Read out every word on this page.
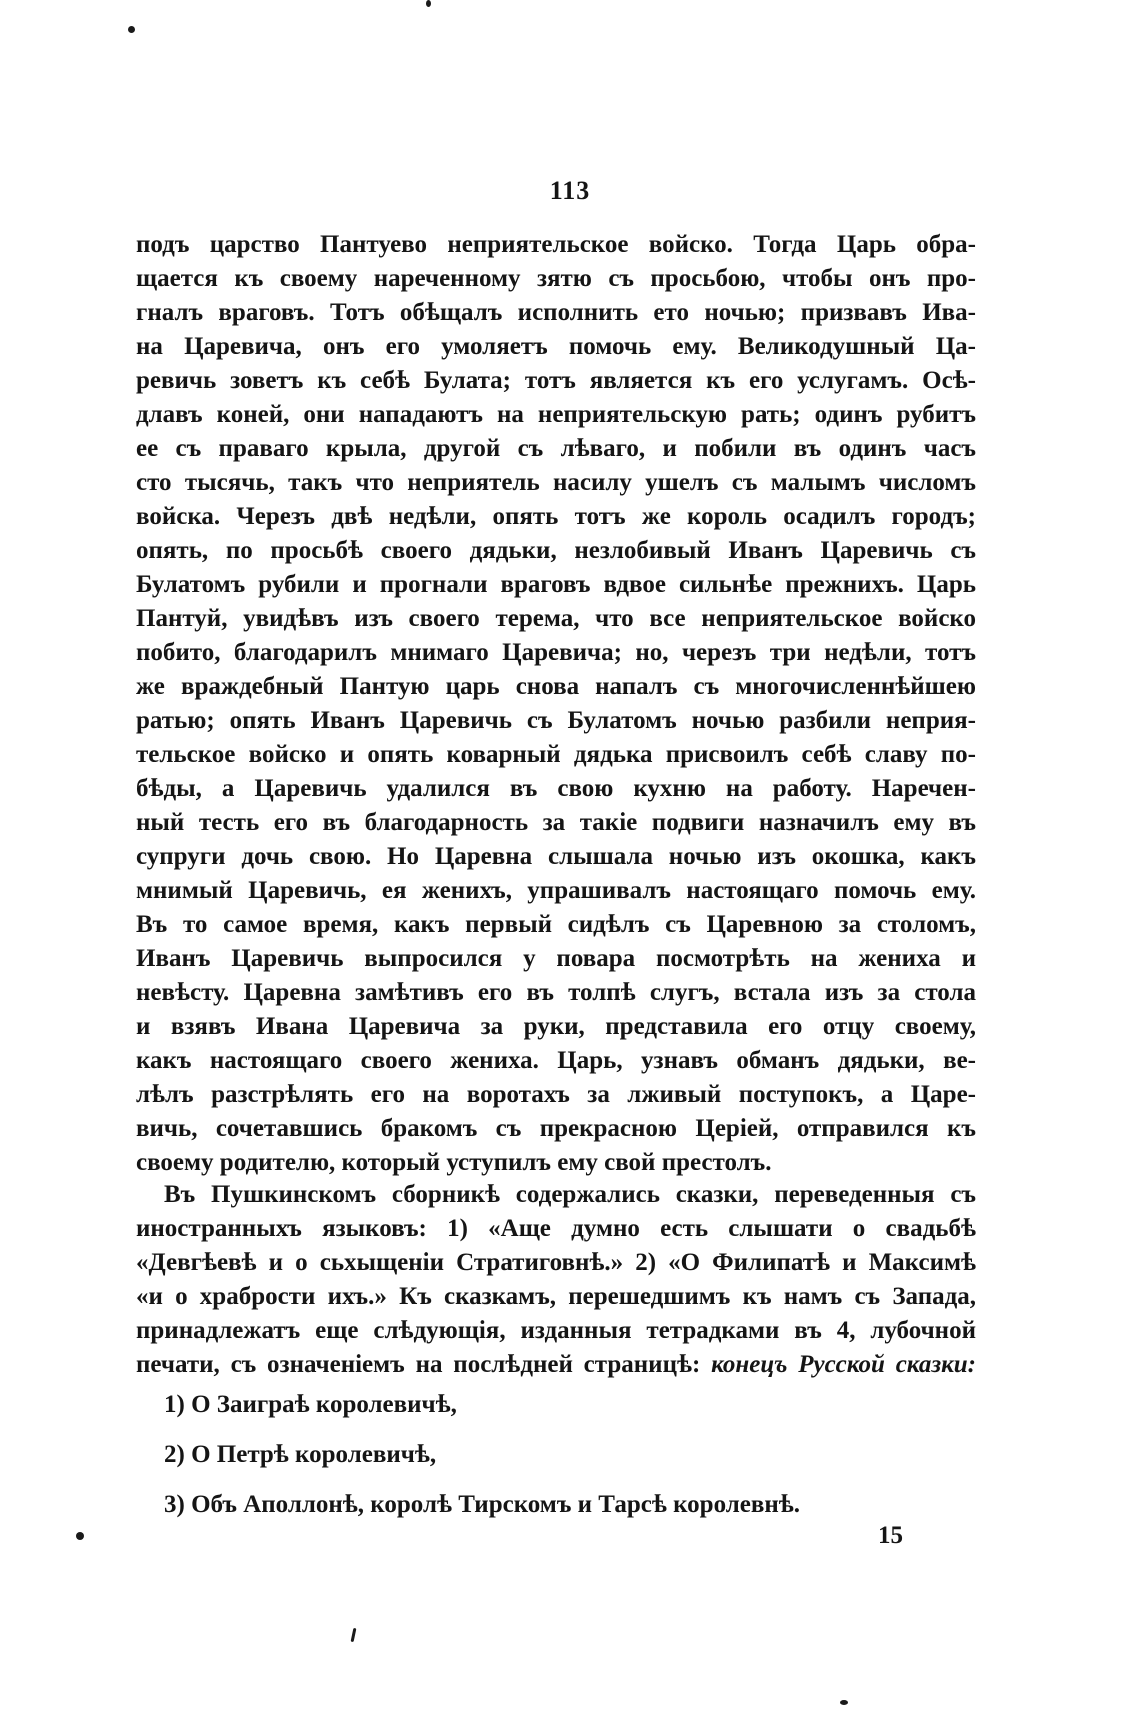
113
подъ царство Пантуево неприятельское войско. Тогда Царь обра-
щается къ своему нареченному зятю съ просьбою, чтобы онъ про-
гналъ враговъ. Тотъ обѣщалъ исполнить ето ночью; призвавъ Ива-
на Царевича, онъ его умоляетъ помочь ему. Великодушный Ца-
ревичь зоветъ къ себѣ Булата; тотъ является къ его услугамъ. Осѣ-
длавъ коней, они нападаютъ на неприятельскую рать; одинъ рубитъ
ее съ праваго крыла, другой съ лѣваго, и побили въ одинъ часъ
сто тысячь, такъ что неприятель насилу ушелъ съ малымъ числомъ
войска. Черезъ двѣ недѣли, опять тотъ же король осадилъ городъ;
опять, по просьбѣ своего дядьки, незлобивый Иванъ Царевичь съ
Булатомъ рубили и прогнали враговъ вдвое сильнѣе прежнихъ. Царь
Пантуй, увидѣвъ изъ своего терема, что все неприятельское войско
побито, благодарилъ мнимаго Царевича; но, черезъ три недѣли, тотъ
же враждебный Пантую царь снова напалъ съ многочисленнѣйшею
ратью; опять Иванъ Царевичь съ Булатомъ ночью разбили неприя-
тельское войско и опять коварный дядька присвоилъ себѣ славу по-
бѣды, а Царевичь удалился въ свою кухню на работу. Наречен-
ный тесть его въ благодарность за такіе подвиги назначилъ ему въ
супруги дочь свою. Но Царевна слышала ночью изъ окошка, какъ
мнимый Царевичь, ея женихъ, упрашивалъ настоящаго помочь ему.
Въ то самое время, какъ первый сидѣлъ съ Царевною за столомъ,
Иванъ Царевичь выпросился у повара посмотрѣть на жениха и
невѣсту. Царевна замѣтивъ его въ толпѣ слугъ, встала изъ за стола
и взявъ Ивана Царевича за руки, представила его отцу своему,
какъ настоящаго своего жениха. Царь, узнавъ обманъ дядьки, ве-
лѣлъ разстрѣлять его на воротахъ за лживый поступокъ, а Царе-
вичь, сочетавшись бракомъ съ прекрасною Церіей, отправился къ
своему родителю, который уступилъ ему свой престолъ.
Въ Пушкинскомъ сборникѣ содержались сказки, переведенныя съ
иностранныхъ языковъ: 1) «Аще думно есть слышати о свадьбѣ
«Девгѣевѣ и о сьхыщеніи Стратиговнѣ.» 2) «О Филипатѣ и Максимѣ
«и о храбрости ихъ.» Къ сказкамъ, перешедшимъ къ намъ съ Запада,
принадлежатъ еще слѣдующія, изданныя тетрадками въ 4, лубочной
печати, съ означеніемъ на послѣдней страницѣ: конецъ Русской сказки:
1) О Заиграѣ королевичѣ,
2) О Петрѣ королевичѣ,
3) Объ Аполлонѣ, королѣ Тирскомъ и Тарсѣ королевнѣ.
15
